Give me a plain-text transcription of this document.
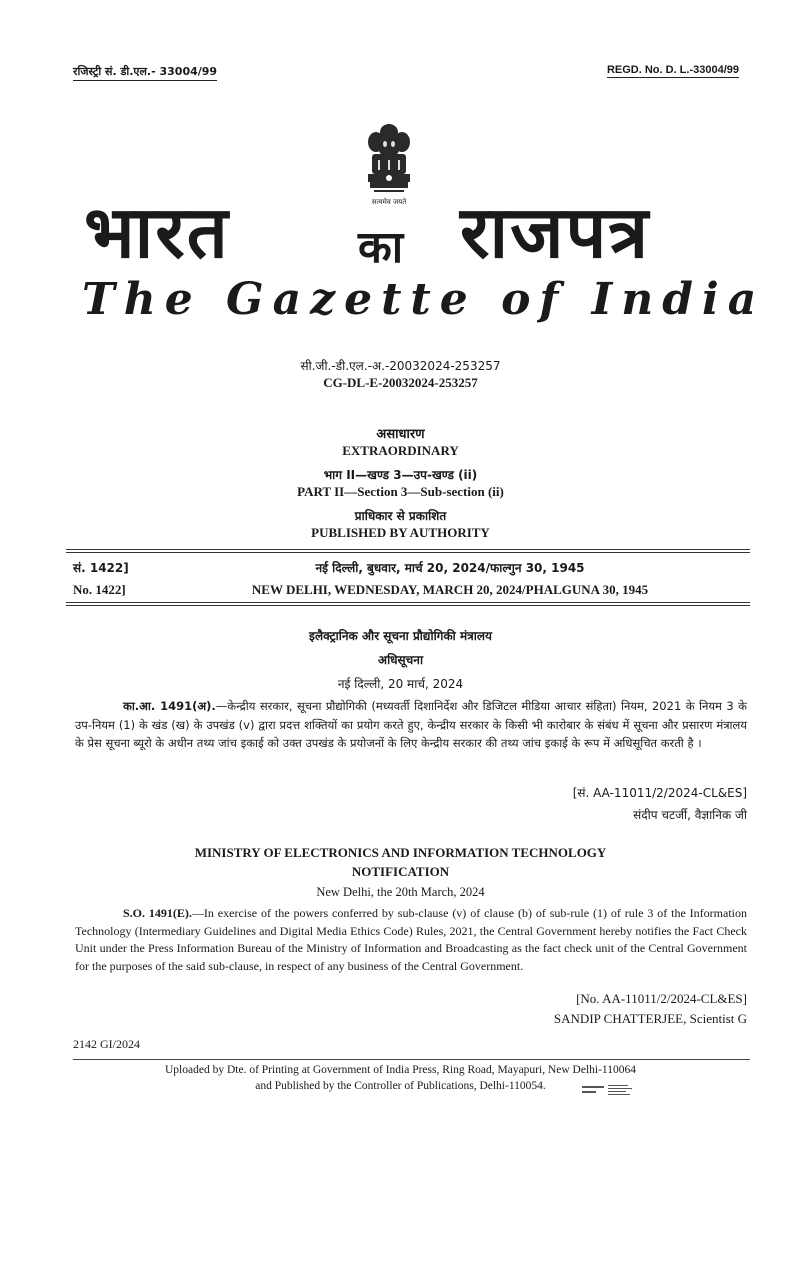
रजिस्ट्री सं. डी.एल.- 33004/99	REGD. No. D. L.-33004/99
सत्यमेव जयते
भारत	का राजपत्र
The Gazette of India
सी.जी.-डी.एल.-अ.-20032024-253257
CG-DL-E-20032024-253257
असाधारण
EXTRAORDINARY
भाग II—खण्ड 3—उप-खण्ड (ii)
PART II—Section 3—Sub-section (ii)
प्राधिकार से प्रकाशित
PUBLISHED BY AUTHORITY
सं. 1422]	नई दिल्ली, बुधवार, मार्च 20, 2024/फाल्गुन 30, 1945
No. 1422]	NEW DELHI, WEDNESDAY, MARCH 20, 2024/PHALGUNA 30, 1945
इलैक्ट्रानिक और सूचना प्रौद्योगिकी मंत्रालय
अधिसूचना
नई दिल्ली, 20 मार्च, 2024
का.आ. 1491(अ).—केन्द्रीय सरकार, सूचना प्रौद्योगिकी (मध्यवर्ती दिशानिर्देश और डिजिटल मीडिया आचार संहिता) नियम, 2021 के नियम 3 के उप-नियम (1) के खंड (ख) के उपखंड (v) द्वारा प्रदत्त शक्तियों का प्रयोग करते हुए, केन्द्रीय सरकार के किसी भी कारोबार के संबंध में सूचना और प्रसारण मंत्रालय के प्रेस सूचना ब्यूरो के अधीन तथ्य जांच इकाई को उक्त उपखंड के प्रयोजनों के लिए केन्द्रीय सरकार की तथ्य जांच इकाई के रूप में अधिसूचित करती है ।
[सं. AA-11011/2/2024-CL&ES]
संदीप चटर्जी, वैज्ञानिक जी
MINISTRY OF ELECTRONICS AND INFORMATION TECHNOLOGY
NOTIFICATION
New Delhi, the 20th March, 2024
S.O. 1491(E).—In exercise of the powers conferred by sub-clause (v) of clause (b) of sub-rule (1) of rule 3 of the Information Technology (Intermediary Guidelines and Digital Media Ethics Code) Rules, 2021, the Central Government hereby notifies the Fact Check Unit under the Press Information Bureau of the Ministry of Information and Broadcasting as the fact check unit of the Central Government for the purposes of the said sub-clause, in respect of any business of the Central Government.
[No. AA-11011/2/2024-CL&ES]
SANDIP CHATTERJEE, Scientist G
2142 GI/2024
Uploaded by Dte. of Printing at Government of India Press, Ring Road, Mayapuri, New Delhi-110064
and Published by the Controller of Publications, Delhi-110054.
